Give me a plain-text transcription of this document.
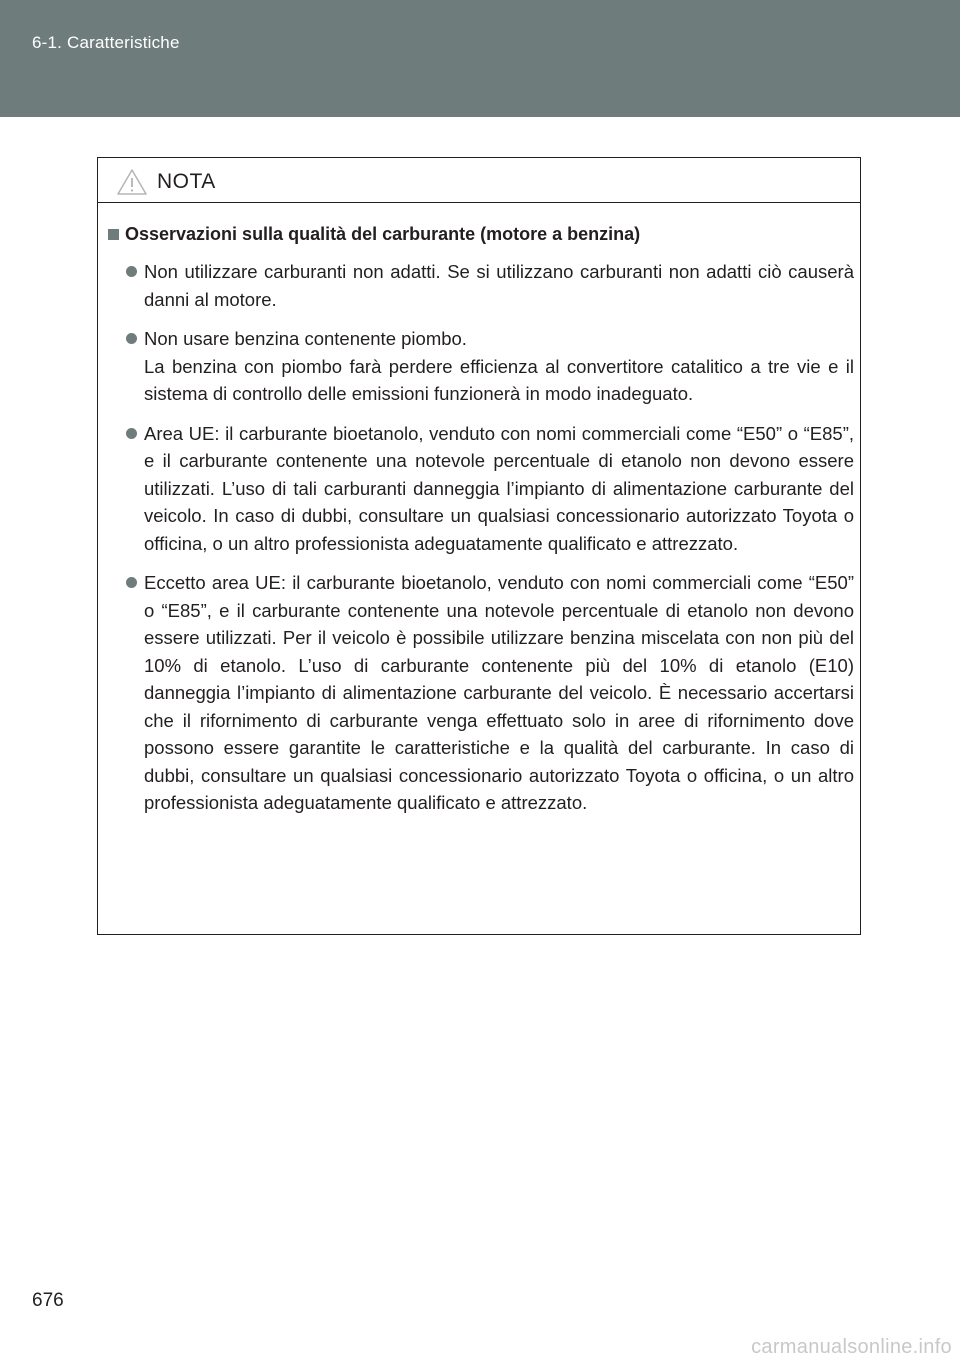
6-1. Caratteristiche
NOTA
Osservazioni sulla qualità del carburante (motore a benzina)

Non utilizzare carburanti non adatti. Se si utilizzano carburanti non adatti ciò causerà danni al motore.

Non usare benzina contenente piombo.

La benzina con piombo farà perdere efficienza al convertitore catalitico a tre vie e il sistema di controllo delle emissioni funzionerà in modo inadeguato.

Area UE: il carburante bioetanolo, venduto con nomi commerciali come “E50” o “E85”, e il carburante contenente una notevole percentuale di etanolo non devono essere utilizzati. L’uso di tali carburanti danneggia l’impianto di alimentazione carburante del veicolo. In caso di dubbi, consultare un qualsiasi concessionario autorizzato Toyota o officina, o un altro professionista adeguatamente qualificato e attrezzato.

Eccetto area UE: il carburante bioetanolo, venduto con nomi commerciali come “E50” o “E85”, e il carburante contenente una notevole percentuale di etanolo non devono essere utilizzati. Per il veicolo è possibile utilizzare benzina miscelata con non più del 10% di etanolo. L’uso di carburante contenente più del 10% di etanolo (E10) danneggia l’impianto di alimentazione carburante del veicolo. È necessario accertarsi che il rifornimento di carburante venga effettuato solo in aree di rifornimento dove possono essere garantite le caratteristiche e la qualità del carburante. In caso di dubbi, consultare un qualsiasi concessionario autorizzato Toyota o officina, o un altro professionista adeguatamente qualificato e attrezzato.

676
carmanualsonline.info
